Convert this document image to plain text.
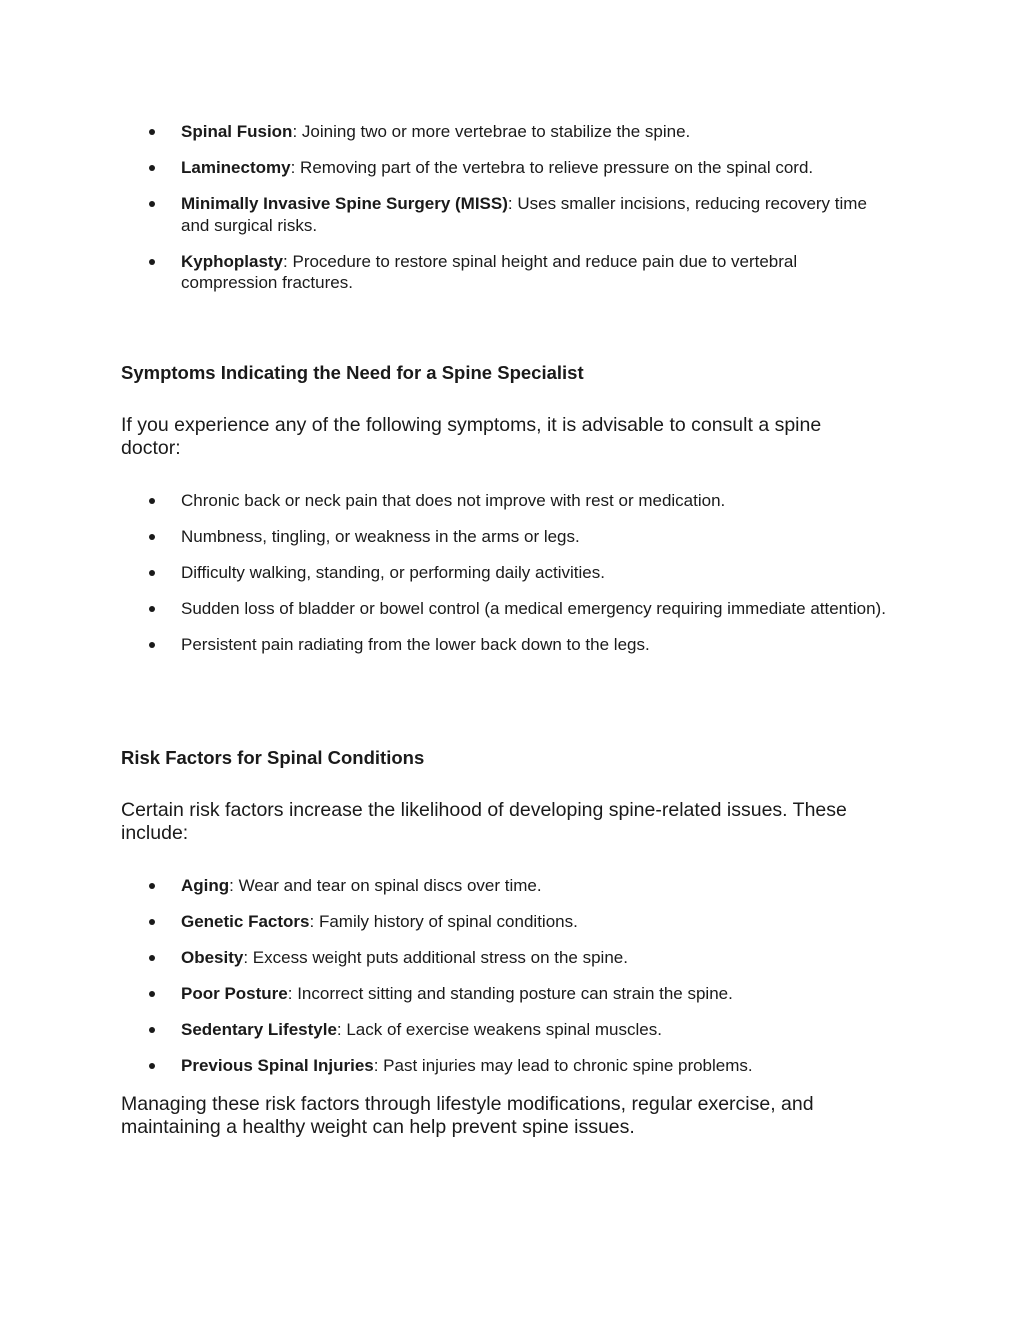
Spinal Fusion: Joining two or more vertebrae to stabilize the spine.
Laminectomy: Removing part of the vertebra to relieve pressure on the spinal cord.
Minimally Invasive Spine Surgery (MISS): Uses smaller incisions, reducing recovery time and surgical risks.
Kyphoplasty: Procedure to restore spinal height and reduce pain due to vertebral compression fractures.
Symptoms Indicating the Need for a Spine Specialist

If you experience any of the following symptoms, it is advisable to consult a spine doctor:

Chronic back or neck pain that does not improve with rest or medication.
Numbness, tingling, or weakness in the arms or legs.
Difficulty walking, standing, or performing daily activities.
Sudden loss of bladder or bowel control (a medical emergency requiring immediate attention).
Persistent pain radiating from the lower back down to the legs.
Risk Factors for Spinal Conditions

Certain risk factors increase the likelihood of developing spine-related issues. These include:

Aging: Wear and tear on spinal discs over time.
Genetic Factors: Family history of spinal conditions.
Obesity: Excess weight puts additional stress on the spine.
Poor Posture: Incorrect sitting and standing posture can strain the spine.
Sedentary Lifestyle: Lack of exercise weakens spinal muscles.
Previous Spinal Injuries: Past injuries may lead to chronic spine problems.

Managing these risk factors through lifestyle modifications, regular exercise, and maintaining a healthy weight can help prevent spine issues.
